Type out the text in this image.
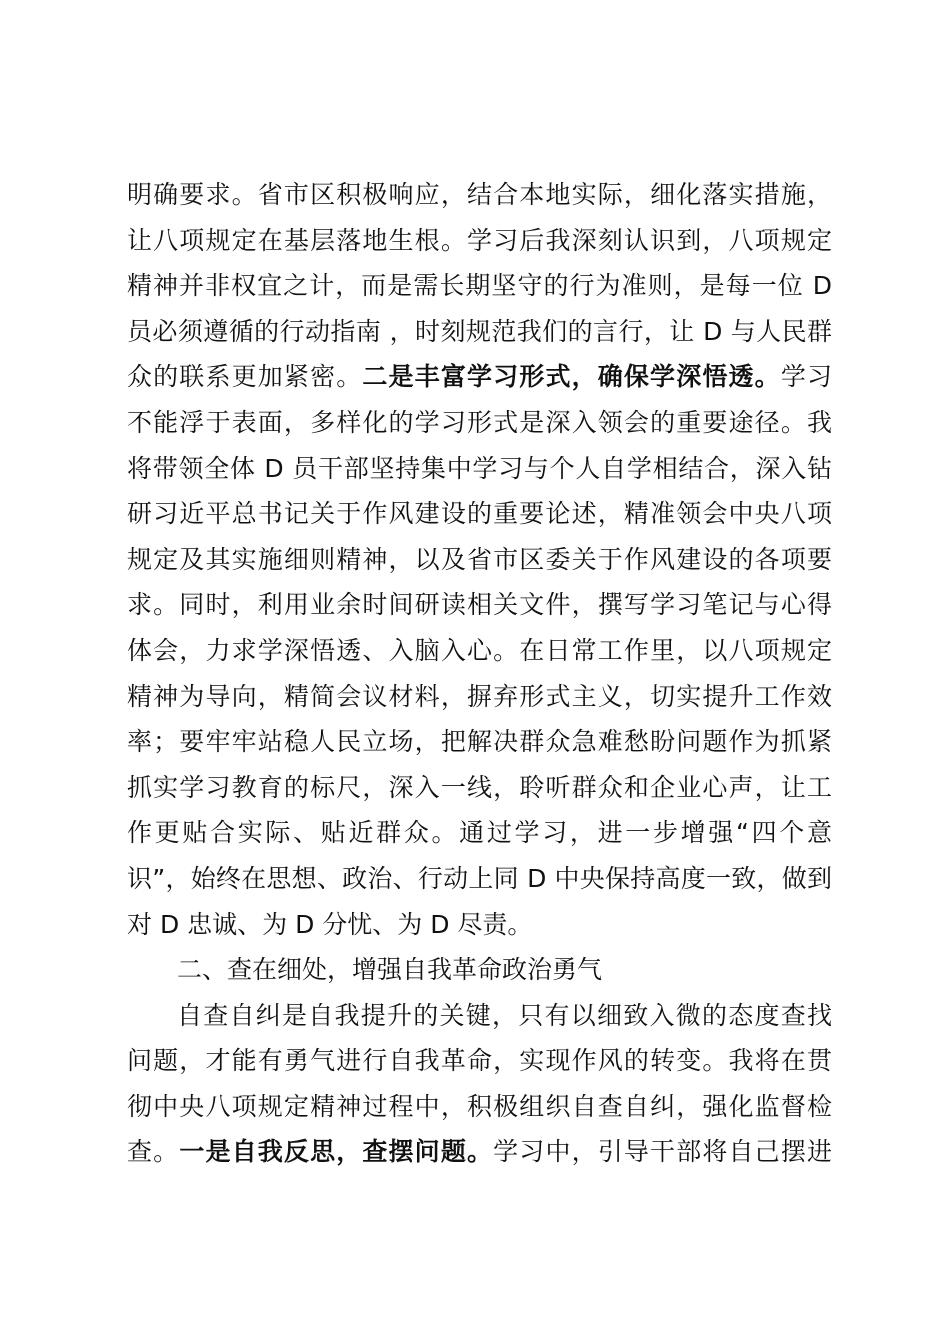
明确要求。省市区积极响应，结合本地实际，细化落实措施，
让八项规定在基层落地生根。学习后我深刻认识到，八项规定
精神并非权宜之计，而是需长期坚守的行为准则，是每一位 D
员必须遵循的行动指南 ，时刻规范我们的言行，让 D 与人民群
众的联系更加紧密。二是丰富学习形式，确保学深悟透。学习
不能浮于表面，多样化的学习形式是深入领会的重要途径。我
将带领全体 D 员干部坚持集中学习与个人自学相结合，深入钻
研习近平总书记关于作风建设的重要论述，精准领会中央八项
规定及其实施细则精神，以及省市区委关于作风建设的各项要
求。同时，利用业余时间研读相关文件，撰写学习笔记与心得
体会，力求学深悟透、入脑入心。在日常工作里，以八项规定
精神为导向，精简会议材料，摒弃形式主义，切实提升工作效
率；要牢牢站稳人民立场，把解决群众急难愁盼问题作为抓紧
抓实学习教育的标尺，深入一线，聆听群众和企业心声，让工
作更贴合实际、贴近群众。通过学习，进一步增强“四个意
识”，始终在思想、政治、行动上同 D 中央保持高度一致，做到
对 D 忠诚、为 D 分忧、为 D 尽责。
二、查在细处，增强自我革命政治勇气
自查自纠是自我提升的关键，只有以细致入微的态度查找
问题，才能有勇气进行自我革命，实现作风的转变。我将在贯
彻中央八项规定精神过程中，积极组织自查自纠，强化监督检
查。一是自我反思，查摆问题。学习中，引导干部将自己摆进
